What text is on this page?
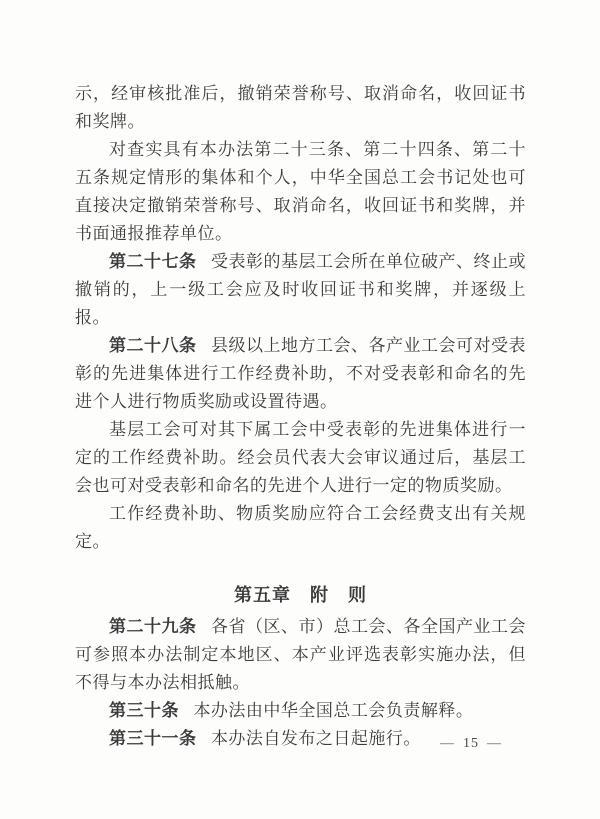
示，经审核批准后，撤销荣誉称号、取消命名，收回证书和奖牌。

对查实具有本办法第二十三条、第二十四条、第二十五条规定情形的集体和个人，中华全国总工会书记处也可直接决定撤销荣誉称号、取消命名，收回证书和奖牌，并书面通报推荐单位。

第二十七条 受表彰的基层工会所在单位破产、终止或撤销的，上一级工会应及时收回证书和奖牌，并逐级上报。

第二十八条 县级以上地方工会、各产业工会可对受表彰的先进集体进行工作经费补助，不对受表彰和命名的先进个人进行物质奖励或设置待遇。

基层工会可对其下属工会中受表彰的先进集体进行一定的工作经费补助。经会员代表大会审议通过后，基层工会也可对受表彰和命名的先进个人进行一定的物质奖励。

工作经费补助、物质奖励应符合工会经费支出有关规定。

第五章　附　则

第二十九条 各省（区、市）总工会、各全国产业工会可参照本办法制定本地区、本产业评选表彰实施办法，但不得与本办法相抵触。

第三十条 本办法由中华全国总工会负责解释。

第三十一条 本办法自发布之日起施行。	— 15 —
